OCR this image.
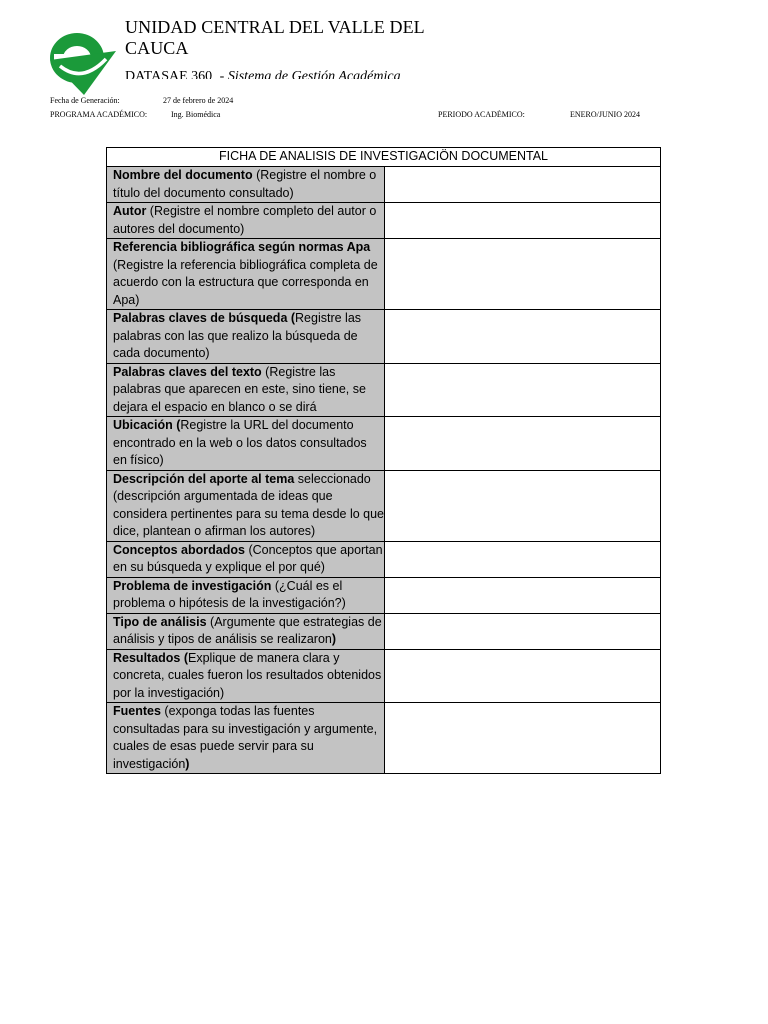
UNIDAD CENTRAL DEL VALLE DEL CAUCA
DATASAE 360 - Sistema de Gestión Académica
Fecha de Generación:	27 de febrero de 2024
PROGRAMA ACADÉMICO:	Ing. Biomédica	PERIODO ACADÉMICO:	ENERO/JUNIO 2024
FICHA DE ANALISIS DE INVESTIGACIÖN DOCUMENTAL	
Nombre del documento (Registre el nombre o título del documento consultado)	
Autor (Registre el nombre completo del autor o autores del documento)	
Referencia bibliográfica según normas Apa (Registre la referencia bibliográfica completa de acuerdo con la estructura que corresponda en Apa)	
Palabras claves de búsqueda (Registre las palabras con las que realizo la búsqueda de cada documento)	
Palabras claves del texto (Registre las palabras que aparecen en este, sino tiene, se dejara el espacio en blanco o se dirá	
Ubicación (Registre la URL del documento encontrado en la web o los datos consultados en físico)	
Descripción del aporte al tema seleccionado (descripción argumentada de ideas que considera pertinentes para su tema desde lo que dice, plantean o afirman los autores)	
Conceptos abordados (Conceptos que aportan en su búsqueda y explique el por qué)	
Problema de investigación (¿Cuál es el problema o hipótesis de la investigación?)	
Tipo de análisis (Argumente que estrategias de análisis y tipos de análisis se realizaron)	
Resultados (Explique de manera clara y concreta, cuales fueron los resultados obtenidos por la investigación)	
Fuentes (exponga todas las fuentes consultadas para su investigación y argumente, cuales de esas puede servir para su investigación)	
